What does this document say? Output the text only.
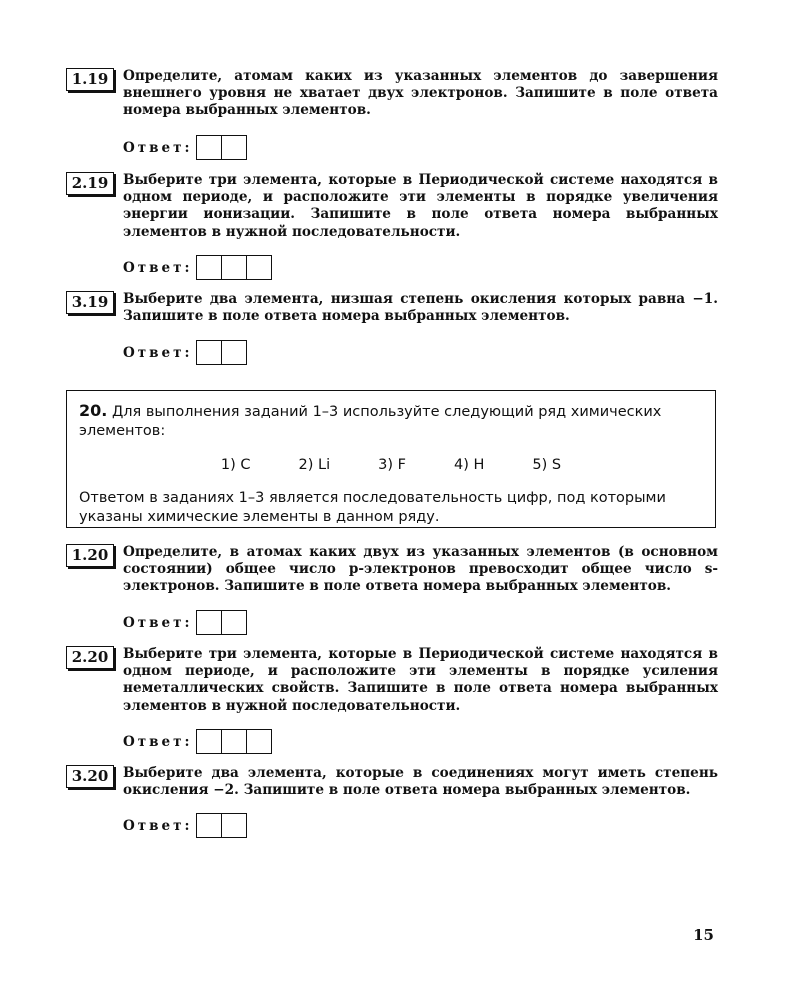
1.19	Определите, атомам каких из указанных элементов до завершения внешнего уровня не хватает двух электронов. Запишите в поле ответа номера выбранных элементов.
Ответ:
2.19	Выберите три элемента, которые в Периодической системе находятся в одном периоде, и расположите эти элементы в порядке увеличения энергии ионизации. Запишите в поле ответа номера выбранных элементов в нужной последовательности.
Ответ:
3.19	Выберите два элемента, низшая степень окисления которых равна −1. Запишите в поле ответа номера выбранных элементов.
Ответ:

20. Для выполнения заданий 1–3 используйте следующий ряд химических элементов:

1) C	2) Li	3) F	4) H	5) S

Ответом в заданиях 1–3 является последовательность цифр, под которыми указаны химические элементы в данном ряду.

1.20	Определите, в атомах каких двух из указанных элементов (в основном состоянии) общее число p-электронов превосходит общее число s-электронов. Запишите в поле ответа номера выбранных элементов.
Ответ:
2.20	Выберите три элемента, которые в Периодической системе находятся в одном периоде, и расположите эти элементы в порядке усиления неметаллических свойств. Запишите в поле ответа номера выбранных элементов в нужной последовательности.
Ответ:
3.20	Выберите два элемента, которые в соединениях могут иметь степень окисления −2. Запишите в поле ответа номера выбранных элементов.
Ответ:
15
